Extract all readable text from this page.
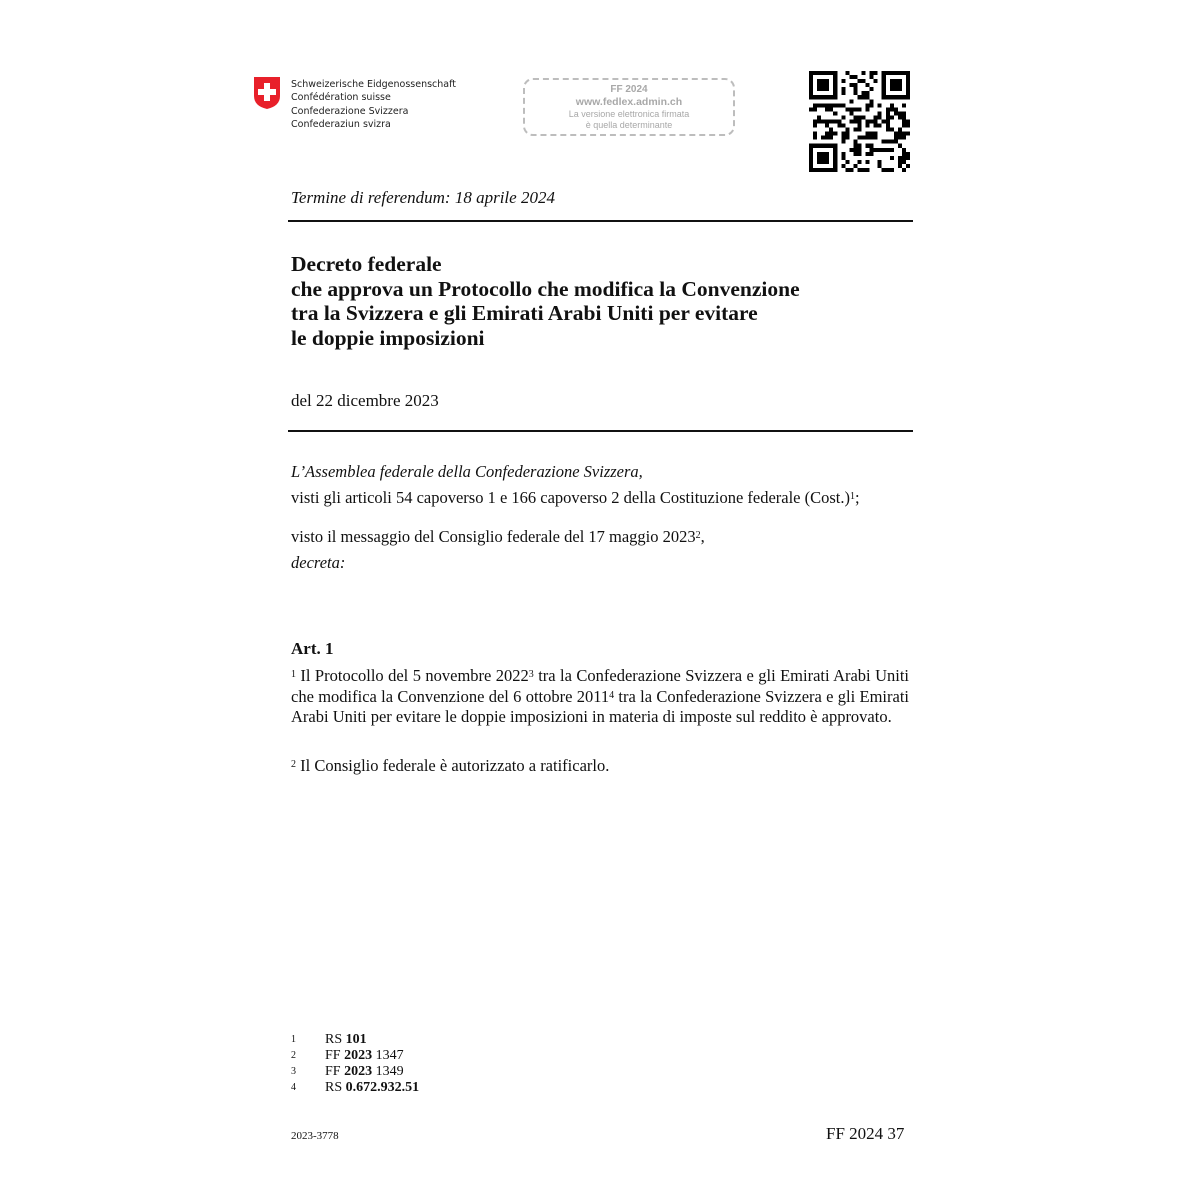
Schweizerische Eidgenossenschaft
Confédération suisse
Confederazione Svizzera
Confederaziun svizra
FF 2024
www.fedlex.admin.ch
La versione elettronica firmata
è quella determinante
Termine di referendum: 18 aprile 2024
Decreto federale
che approva un Protocollo che modifica la Convenzione
tra la Svizzera e gli Emirati Arabi Uniti per evitare
le doppie imposizioni
del 22 dicembre 2023
L’Assemblea federale della Confederazione Svizzera,
visti gli articoli 54 capoverso 1 e 166 capoverso 2 della Costituzione federale (Cost.)$^1$;
visto il messaggio del Consiglio federale del 17 maggio 2023$^2$,
decreta:
Art. 1
$^1$ Il Protocollo del 5 novembre 2022$^3$ tra la Confederazione Svizzera e gli Emirati Arabi Uniti che modifica la Convenzione del 6 ottobre 2011$^4$ tra la Confederazione Svizzera e gli Emirati Arabi Uniti per evitare le doppie imposizioni in materia di imposte sul reddito è approvato.
$^2$ Il Consiglio federale è autorizzato a ratificarlo.
1 RS 101
2 FF 2023 1347
3 FF 2023 1349
4 RS 0.672.932.51
2023-3778	FF 2024 37
